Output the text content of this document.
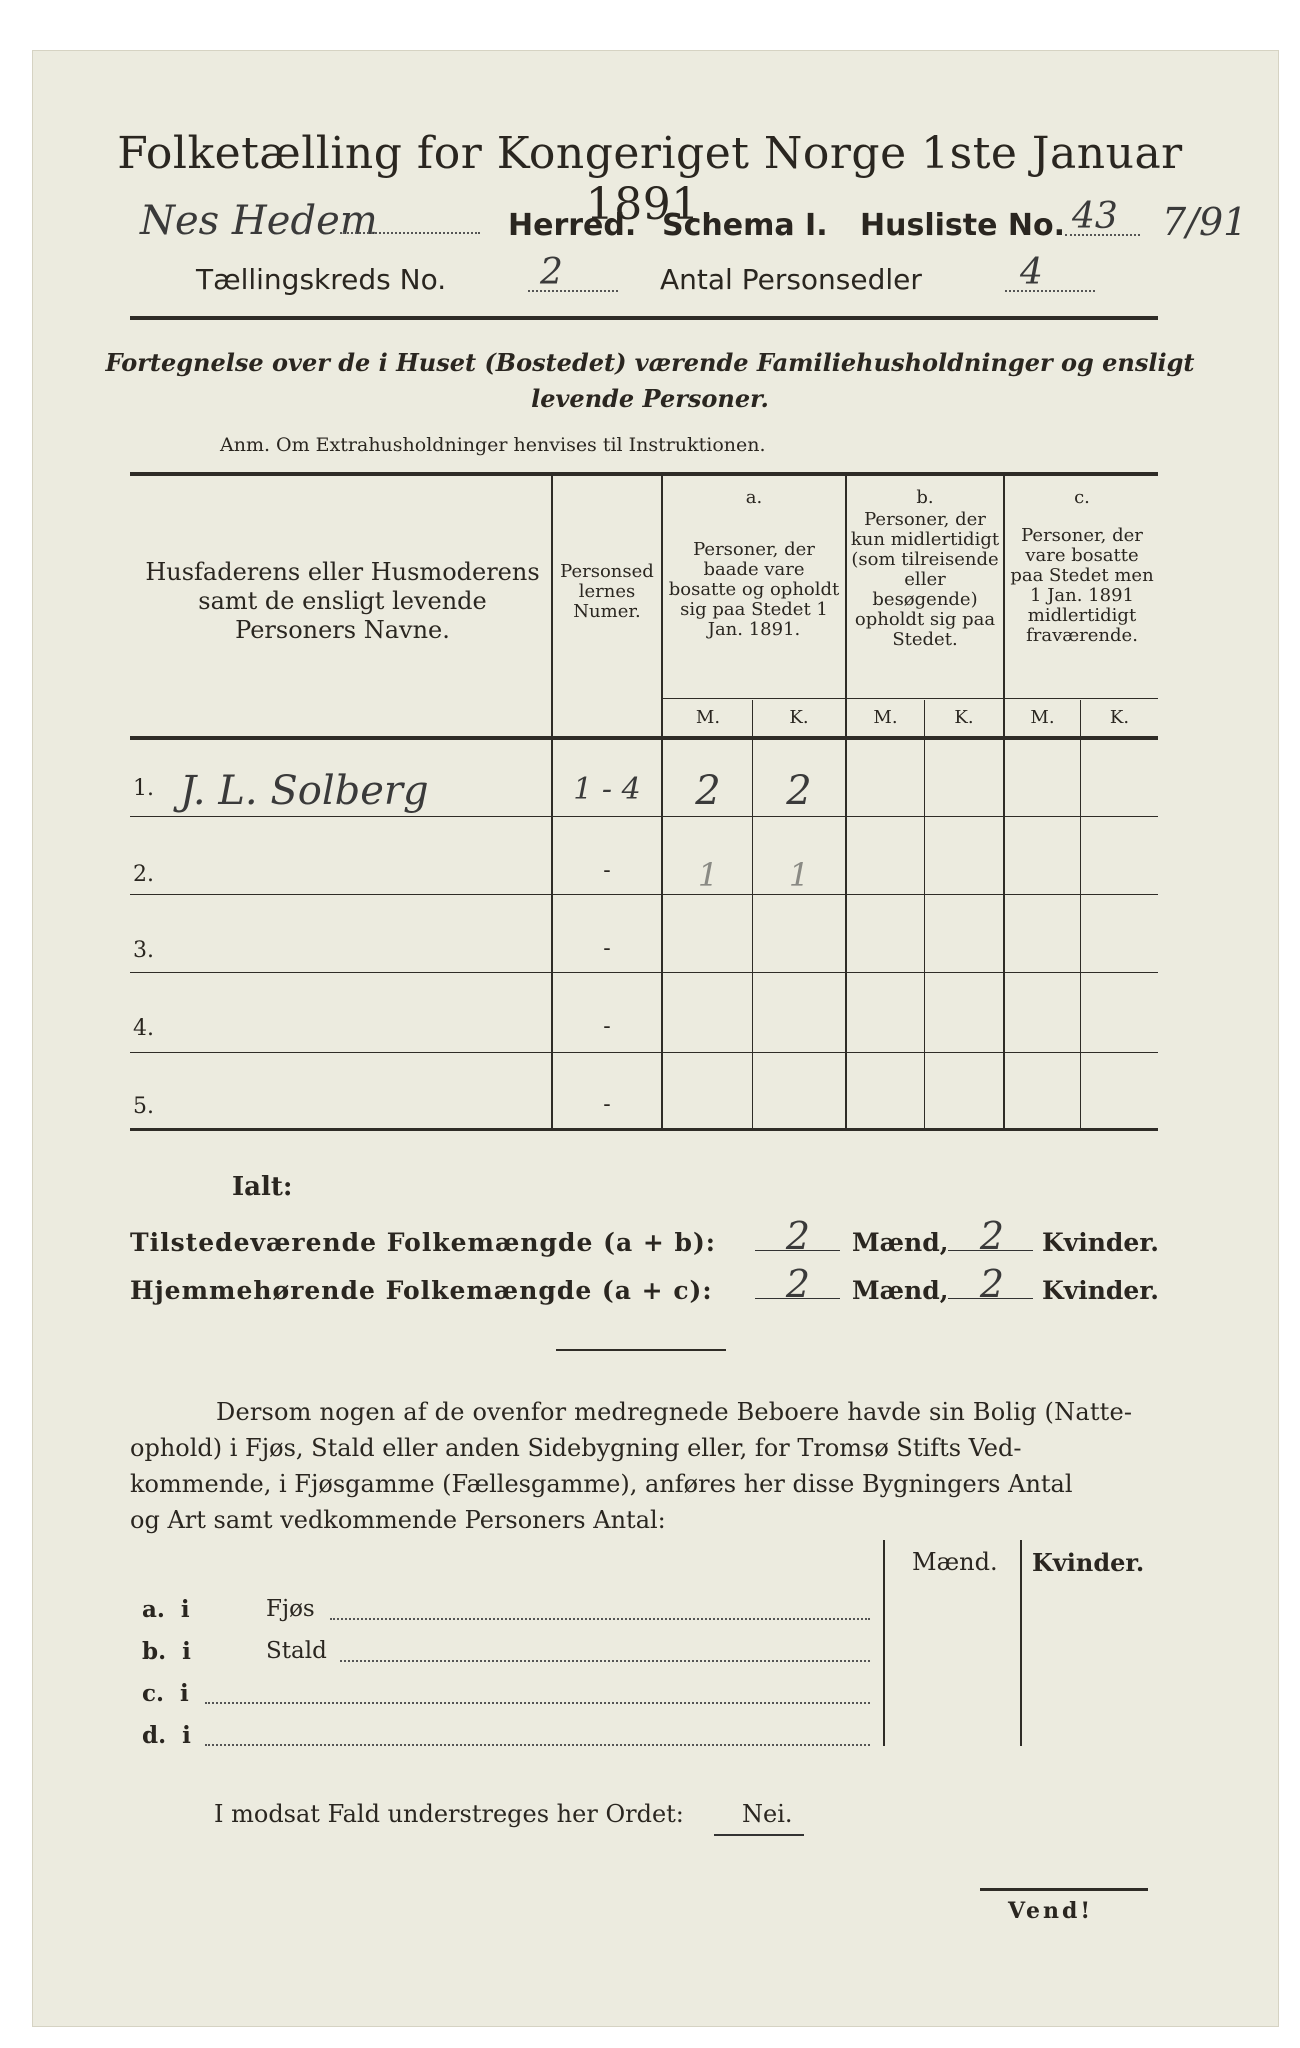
Folketælling for Kongeriget Norge 1ste Januar 1891.
Nes Hedem	Herred. Schema I. Husliste No. 43 7/91
Tællingskreds No.	2	Antal Personsedler	4
Fortegnelse over de i Huset (Bostedet) værende Familiehusholdninger og ensligt
levende Personer.
Anm. Om Extrahusholdninger henvises til Instruktionen.
Husfaderens eller Husmoderens samt de ensligt levende Personers Navne.
Personsedlernes Numer.
a.
Personer, der baade vare bosatte og opholdt sig paa Stedet 1 Jan. 1891.
b.
Personer, der kun midlertidigt (som tilreisende eller besøgende) opholdt sig paa Stedet.
c.
Personer, der vare bosatte paa Stedet men 1 Jan. 1891 midlertidigt fraværende.
M.	K.	M.	K.	M.	K.
1. J. L. Solberg	1 - 4	2	2
2.	-	1	1
3.	-
4.	-
5.	-
Ialt:
Tilstedeværende Folkemængde (a + b):	2	Mænd, 2	Kvinder.
Hjemmehørende Folkemængde (a + c):	2	Mænd, 2	Kvinder.
Dersom nogen af de ovenfor medregnede Beboere havde sin Bolig (Natte-
ophold) i Fjøs, Stald eller anden Sidebygning eller, for Tromsø Stifts Ved-
kommende, i Fjøsgamme (Fællesgamme), anføres her disse Bygningers Antal
og Art samt vedkommende Personers Antal:
Mænd. Kvinder.
a.  i	Fjøs
b.  i	Stald
c.  i
d.  i
I modsat Fald understreges her Ordet: Nei.
Vend!
